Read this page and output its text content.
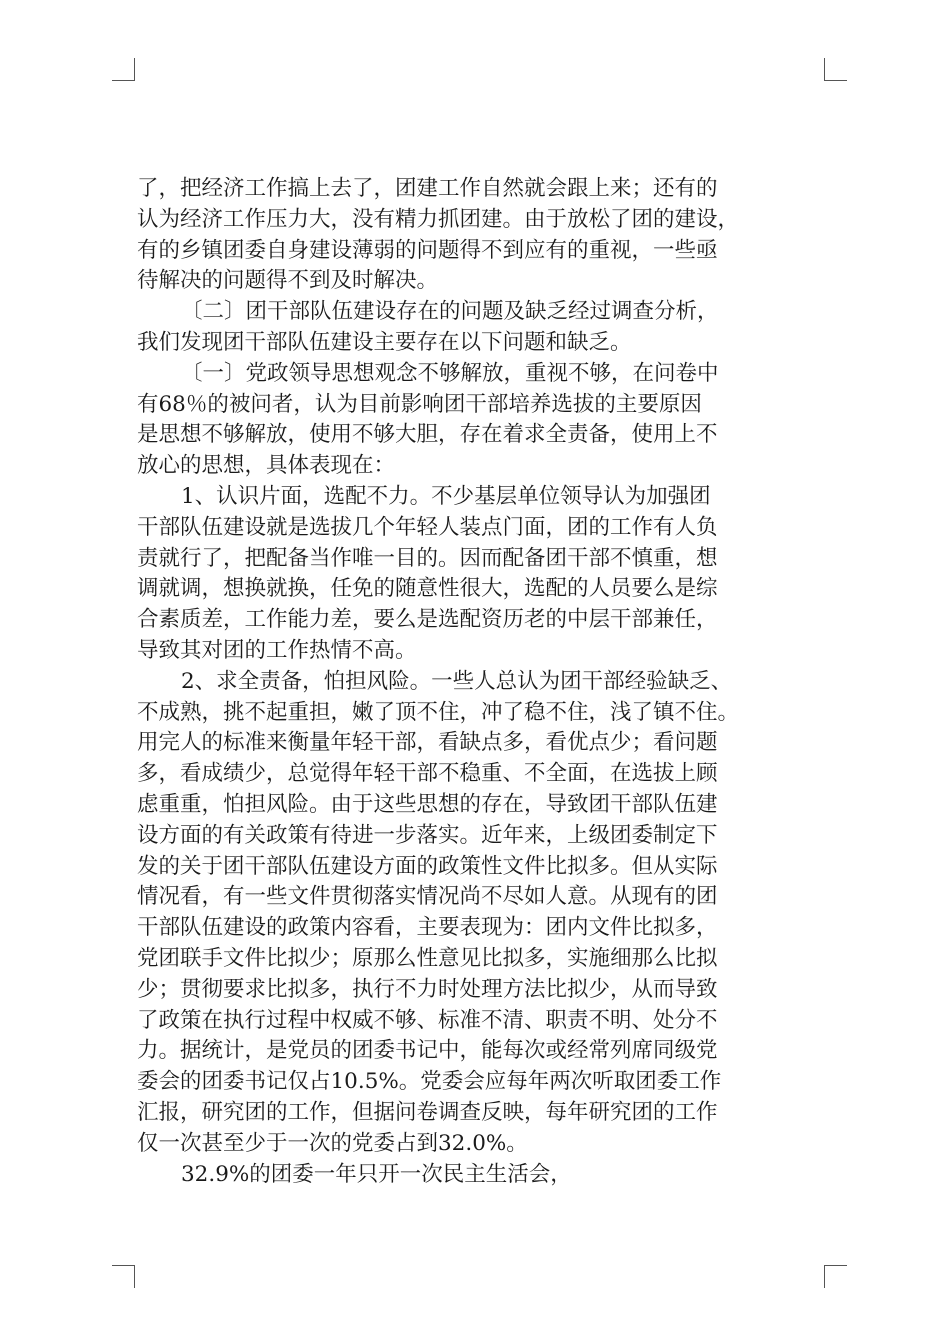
了，把经济工作搞上去了，团建工作自然就会跟上来；还有的
认为经济工作压力大，没有精力抓团建。由于放松了团的建设，
有的乡镇团委自身建设薄弱的问题得不到应有的重视，一些亟
待解决的问题得不到及时解决。
〔二〕团干部队伍建设存在的问题及缺乏经过调查分析，
我们发现团干部队伍建设主要存在以下问题和缺乏。
〔一〕党政领导思想观念不够解放，重视不够，在问卷中
有68％的被问者，认为目前影响团干部培养选拔的主要原因
是思想不够解放，使用不够大胆，存在着求全责备，使用上不
放心的思想，具体表现在：
1、认识片面，选配不力。不少基层单位领导认为加强团
干部队伍建设就是选拔几个年轻人装点门面，团的工作有人负
责就行了，把配备当作唯一目的。因而配备团干部不慎重，想
调就调，想换就换，任免的随意性很大，选配的人员要么是综
合素质差，工作能力差，要么是选配资历老的中层干部兼任，
导致其对团的工作热情不高。
2、求全责备，怕担风险。一些人总认为团干部经验缺乏、
不成熟，挑不起重担，嫩了顶不住，冲了稳不住，浅了镇不住。
用完人的标准来衡量年轻干部，看缺点多，看优点少；看问题
多，看成绩少，总觉得年轻干部不稳重、不全面，在选拔上顾
虑重重，怕担风险。由于这些思想的存在，导致团干部队伍建
设方面的有关政策有待进一步落实。近年来，上级团委制定下
发的关于团干部队伍建设方面的政策性文件比拟多。但从实际
情况看，有一些文件贯彻落实情况尚不尽如人意。从现有的团
干部队伍建设的政策内容看，主要表现为：团内文件比拟多，
党团联手文件比拟少；原那么性意见比拟多，实施细那么比拟
少；贯彻要求比拟多，执行不力时处理方法比拟少，从而导致
了政策在执行过程中权威不够、标准不清、职责不明、处分不
力。据统计，是党员的团委书记中，能每次或经常列席同级党
委会的团委书记仅占10.5%。党委会应每年两次听取团委工作
汇报，研究团的工作，但据问卷调查反映，每年研究团的工作
仅一次甚至少于一次的党委占到32.0%。
32.9%的团委一年只开一次民主生活会，
